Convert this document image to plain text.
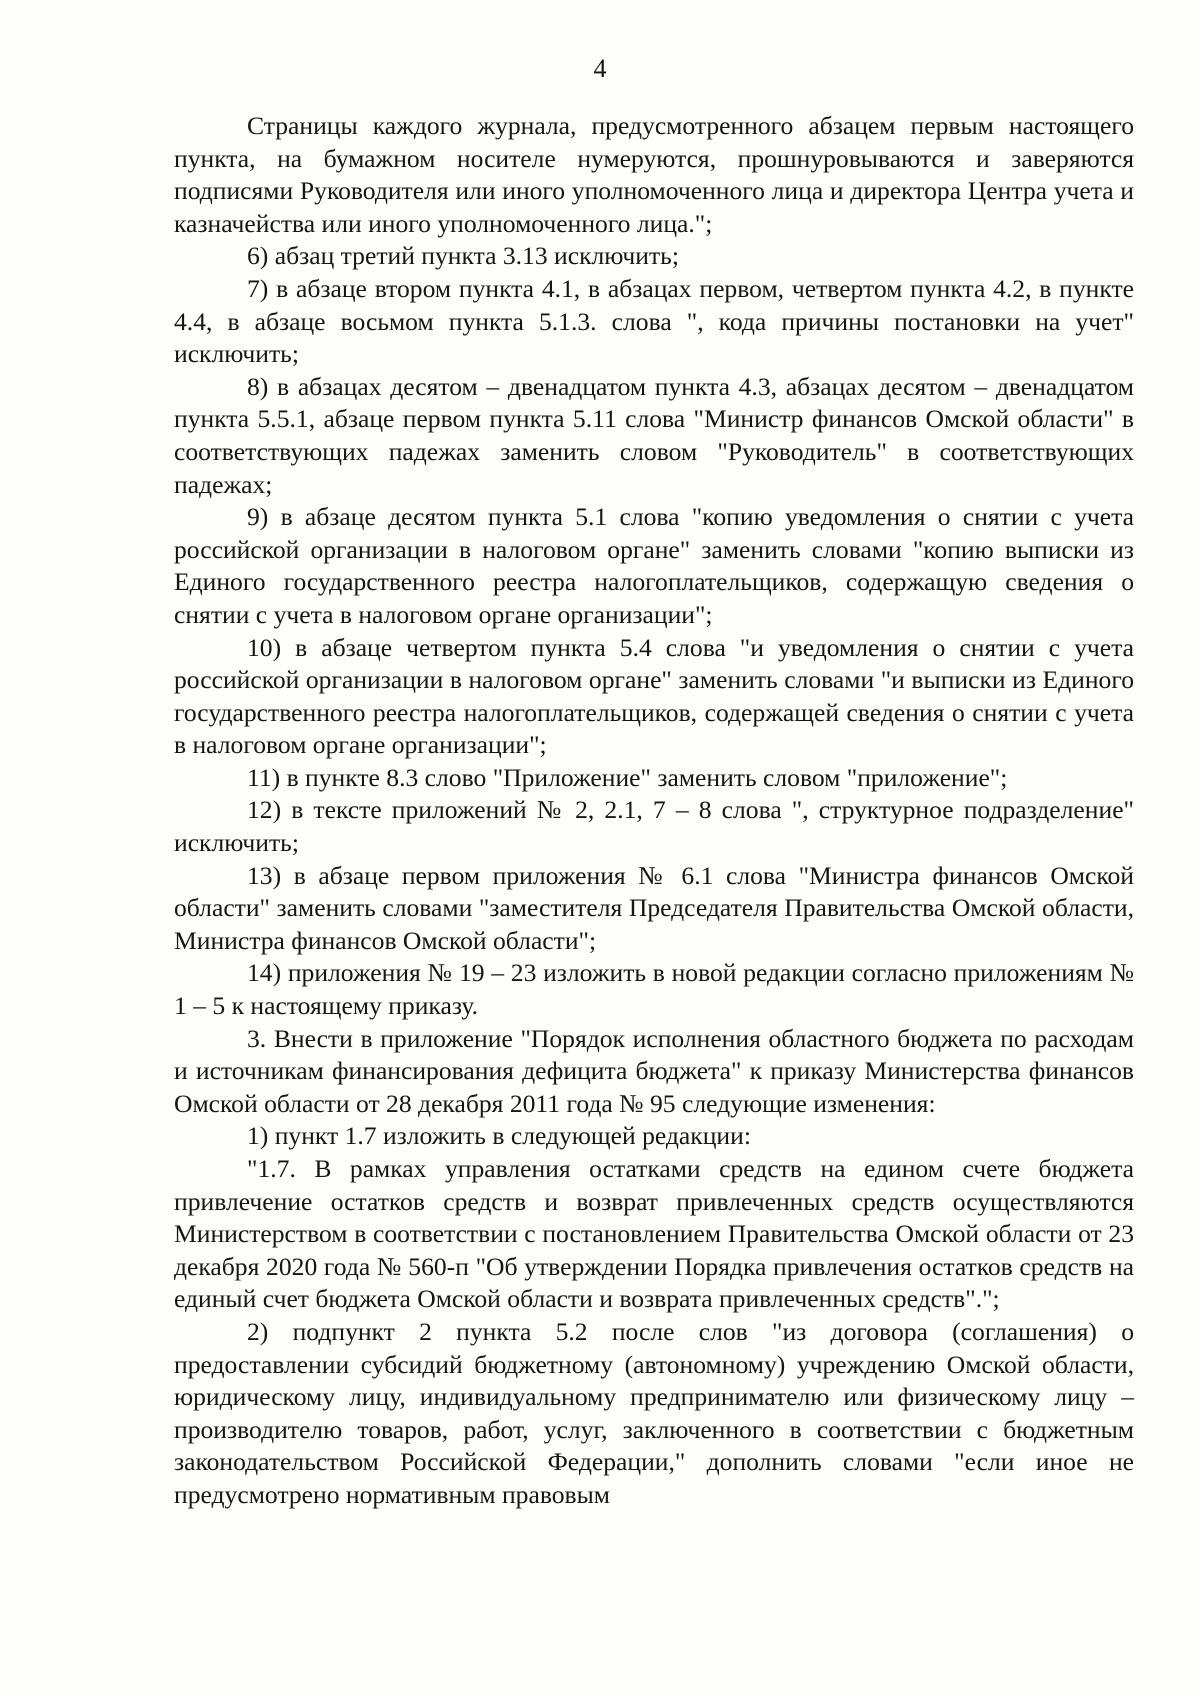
4

Страницы каждого журнала, предусмотренного абзацем первым настоящего пункта, на бумажном носителе нумеруются, прошнуровываются и заверяются подписями Руководителя или иного уполномоченного лица и директора Центра учета и казначейства или иного уполномоченного лица.";

6) абзац третий пункта 3.13 исключить;

7) в абзаце втором пункта 4.1, в абзацах первом, четвертом пункта 4.2, в пункте 4.4, в абзаце восьмом пункта 5.1.3. слова ", кода причины постановки на учет" исключить;

8) в абзацах десятом – двенадцатом пункта 4.3, абзацах десятом – двенадцатом пункта 5.5.1, абзаце первом пункта 5.11 слова "Министр финансов Омской области" в соответствующих падежах заменить словом "Руководитель" в соответствующих падежах;

9) в абзаце десятом пункта 5.1 слова "копию уведомления о снятии с учета российской организации в налоговом органе" заменить словами "копию выписки из Единого государственного реестра налогоплательщиков, содержащую сведения о снятии с учета в налоговом органе организации";

10) в абзаце четвертом пункта 5.4 слова "и уведомления о снятии с учета российской организации в налоговом органе" заменить словами "и выписки из Единого государственного реестра налогоплательщиков, содержащей сведения о снятии с учета в налоговом органе организации";

11) в пункте 8.3 слово "Приложение" заменить словом "приложение";

12) в тексте приложений № 2, 2.1, 7 – 8 слова ", структурное подразделение" исключить;

13) в абзаце первом приложения № 6.1 слова "Министра финансов Омской области" заменить словами "заместителя Председателя Правительства Омской области, Министра финансов Омской области";

14) приложения № 19 – 23 изложить в новой редакции согласно приложениям № 1 – 5 к настоящему приказу.

3. Внести в приложение "Порядок исполнения областного бюджета по расходам и источникам финансирования дефицита бюджета" к приказу Министерства финансов Омской области от 28 декабря 2011 года № 95 следующие изменения:

1) пункт 1.7 изложить в следующей редакции:

"1.7. В рамках управления остатками средств на едином счете бюджета привлечение остатков средств и возврат привлеченных средств осуществляются Министерством в соответствии с постановлением Правительства Омской области от 23 декабря 2020 года № 560-п "Об утверждении Порядка привлечения остатков средств на единый счет бюджета Омской области и возврата привлеченных средств".";

2) подпункт 2 пункта 5.2 после слов "из договора (соглашения) о предоставлении субсидий бюджетному (автономному) учреждению Омской области, юридическому лицу, индивидуальному предпринимателю или физическому лицу – производителю товаров, работ, услуг, заключенного в соответствии с бюджетным законодательством Российской Федерации," дополнить словами "если иное не предусмотрено нормативным правовым
